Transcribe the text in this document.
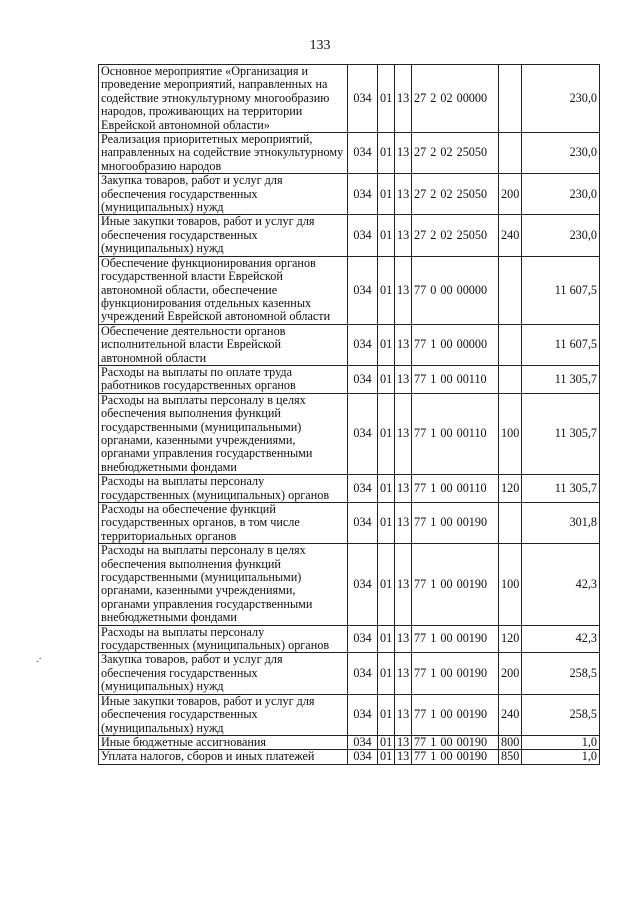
133
.·
Основное мероприятие «Организация и проведение мероприятий, направленных на содействие этнокультурному многообразию народов, проживающих на территории Еврейской автономной области»	034	01	13	27 2 02 00000		230,0
Реализация приоритетных мероприятий, направленных на содействие этнокультурному многообразию народов	034	01	13	27 2 02 25050		230,0
Закупка товаров, работ и услуг для обеспечения государственных (муниципальных) нужд	034	01	13	27 2 02 25050	200	230,0
Иные закупки товаров, работ и услуг для обеспечения государственных (муниципальных) нужд	034	01	13	27 2 02 25050	240	230,0
Обеспечение функционирования органов государственной власти Еврейской автономной области, обеспечение функционирования отдельных казенных учреждений Еврейской автономной области	034	01	13	77 0 00 00000		11 607,5
Обеспечение деятельности органов исполнительной власти Еврейской автономной области	034	01	13	77 1 00 00000		11 607,5
Расходы на выплаты по оплате труда работников государственных органов	034	01	13	77 1 00 00110		11 305,7
Расходы на выплаты персоналу в целях обеспечения выполнения функций государственными (муниципальными) органами, казенными учреждениями, органами управления государственными внебюджетными фондами	034	01	13	77 1 00 00110	100	11 305,7
Расходы на выплаты персоналу государственных (муниципальных) органов	034	01	13	77 1 00 00110	120	11 305,7
Расходы на обеспечение функций государственных органов, в том числе территориальных органов	034	01	13	77 1 00 00190		301,8
Расходы на выплаты персоналу в целях обеспечения выполнения функций государственными (муниципальными) органами, казенными учреждениями, органами управления государственными внебюджетными фондами	034	01	13	77 1 00 00190	100	42,3
Расходы на выплаты персоналу государственных (муниципальных) органов	034	01	13	77 1 00 00190	120	42,3
Закупка товаров, работ и услуг для обеспечения государственных (муниципальных) нужд	034	01	13	77 1 00 00190	200	258,5
Иные закупки товаров, работ и услуг для обеспечения государственных (муниципальных) нужд	034	01	13	77 1 00 00190	240	258,5
Иные бюджетные ассигнования	034	01	13	77 1 00 00190	800	1,0
Уплата налогов, сборов и иных платежей	034	01	13	77 1 00 00190	850	1,0
